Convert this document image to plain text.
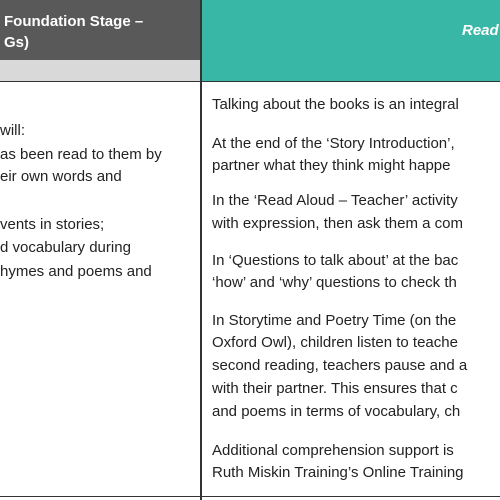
Foundation Stage –
Gs)
Read
will:
as been read to them by
eir own words and
vents in stories;
d vocabulary during
hymes and poems and
Talking about the books is an integral
At the end of the ‘Story Introduction’,
partner what they think might happe
In the ‘Read Aloud – Teacher’ activity
with expression, then ask them a com
In ‘Questions to talk about’ at the bac
‘how’ and ‘why’ questions to check th
In Storytime and Poetry Time (on the
Oxford Owl), children listen to teache
second reading, teachers pause and a
with their partner. This ensures that c
and poems in terms of vocabulary, ch
Additional comprehension support is
Ruth Miskin Training’s Online Training
